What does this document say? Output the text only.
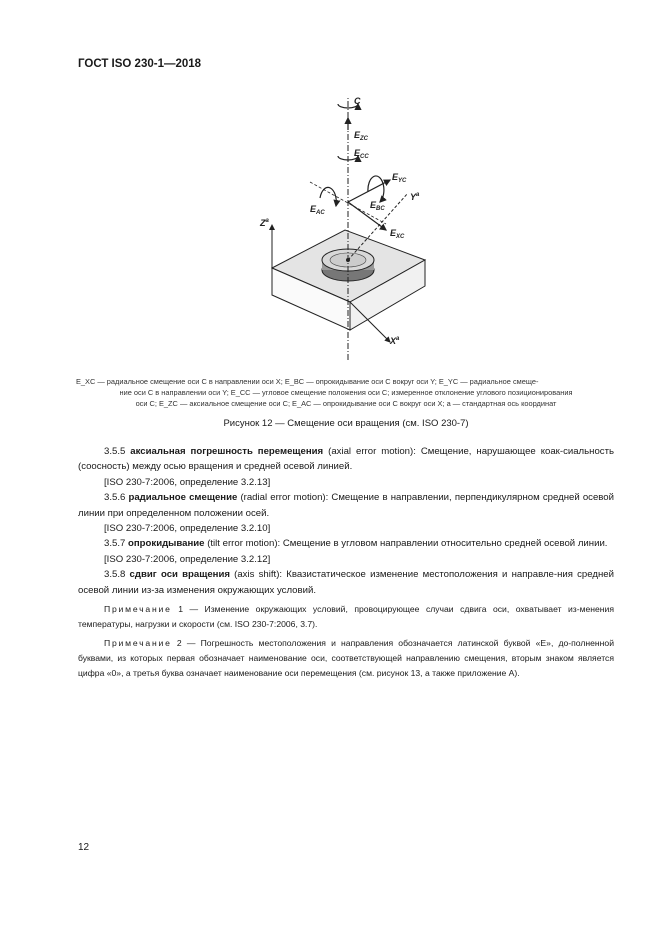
ГОСТ ISO 230-1—2018
C
$E_{ZC}$
$E_{CC}$
$E_{YC}$
$E_{AC}$
$E_{BC}$
$E_{XC}$
$Y^а$
$Z^а$
$X^а$
E_XC — радиальное смещение оси C в направлении оси X; E_BC — опрокидывание оси C вокруг оси Y; E_YC — радиальное смеще-
ние оси C в направлении оси Y; E_CC — угловое смещение положения оси C; измеренное отклонение углового позиционирования
оси C; E_ZC — аксиальное смещение оси C; E_AC — опрокидывание оси C вокруг оси X; а — стандартная ось координат
Рисунок 12 — Смещение оси вращения (см. ISO 230-7)

3.5.5 аксиальная погрешность перемещения (axial error motion): Смещение, нарушающее коак-сиальность (соосность) между осью вращения и средней осевой линией.

[ISO 230-7:2006, определение 3.2.13]

3.5.6 радиальное смещение (radial error motion): Смещение в направлении, перпендикулярном средней осевой линии при определенном положении осей.

[ISO 230-7:2006, определение 3.2.10]

3.5.7 опрокидывание (tilt error motion): Смещение в угловом направлении относительно средней осевой линии.

[ISO 230-7:2006, определение 3.2.12]

3.5.8 сдвиг оси вращения (axis shift): Квазистатическое изменение местоположения и направле-ния средней осевой линии из-за изменения окружающих условий.

Примечание 1 — Изменение окружающих условий, провоцирующее случаи сдвига оси, охватывает из-менения температуры, нагрузки и скорости (см. ISO 230-7:2006, 3.7).

Примечание 2 — Погрешность местоположения и направления обозначается латинской буквой «E», до-полненной буквами, из которых первая обозначает наименование оси, соответствующей направлению смещения, вторым знаком является цифра «0», а третья буква означает наименование оси перемещения (см. рисунок 13, а также приложение А).

12
